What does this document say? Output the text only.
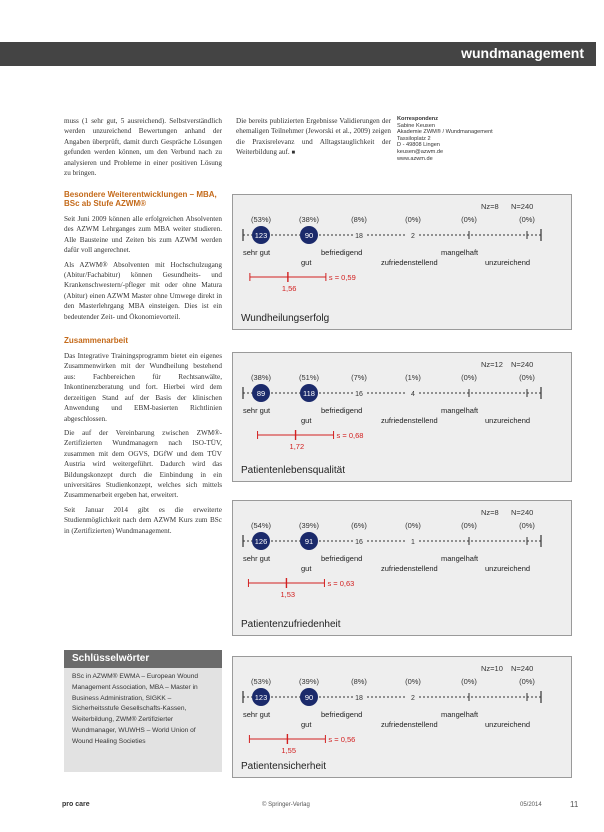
wundmanagement
muss (1 sehr gut, 5 ausreichend). Selbstverständlich werden unzureichend Bewertungen anhand der Angaben überprüft, damit durch Gespräche Lösungen gefunden werden können, um den Verbund nach zu analysieren und Probleme in einer positiven Lösung zu bringen.
Die bereits publizierten Ergebnisse Validierungen der ehemaligen Teilnehmer (Jeworski et al., 2009) zeigen die Praxisrelevanz und Alltagstauglichkeit der Weiterbildung auf. ■
Korrespondenz
Sabine Keusen
Akademie ZWM® / Wundmanagement
Tassiloplatz 2
D - 49808 Lingen
keusen@azwm.de
www.azwm.de
Besondere Weiterentwicklungen – MBA, BSc ab Stufe AZWM®
Seit Juni 2009 können alle erfolgreichen Absolventen des AZWM Lehrganges zum MBA weiter studieren. Alle Bausteine und Zeiten bis zum AZWM werden dafür voll angerechnet.
Als AZWM® Absolventen mit Hochschulzugang (Abitur/Fachabitur) können Gesundheits- und Krankenschwestern/-pfleger mit oder ohne Matura (Abitur) einen AZWM Master ohne Umwege direkt in den Masterlehrgang MBA einsteigen. Dies ist ein bedeutender Zeit- und Ökonomievorteil.
Zusammenarbeit
Das Integrative Trainingsprogramm bietet ein eigenes Zusammenwirken mit der Wundheilung bestehend aus: Fachbereichen für Rechtsanwälte, Inkontinenzberatung und fort. Hierbei wird dem derzeitigen Stand auf der Basis der klinischen Anwendung und EBM-basierten Richtlinien abgeschlossen.
Die auf der Vereinbarung zwischen ZWM®-Zertifizierten Wundmanagern nach ISO-TÜV, zusammen mit dem OGVS, DGfW und dem TÜV Austria wird weitergeführt. Dadurch wird das Bildungskonzept durch die Einbindung in ein universitäres Studienkonzept, welches sich mittels Zusammenarbeit ergeben hat, erweitert.
Seit Januar 2014 gibt es die erweiterte Studienmöglichkeit nach dem AZWM Kurs zum BSc in (Zertifizierten) Wundmanagement.
Schlüsselwörter
BSc in AZWM® EWMA – European Wound Management Association, MBA – Master in Business Administration, SIGKK – Sicherheitsstufe Gesellschafts-Kassen, Weiterbildung, ZWM® Zertifizierter Wundmanager, WUWHS – World Union of Wound Healing Societies
Nz=8 N=240
(53%)	(38%)	(8%)	(0%)	(0%)	(0%)
123	90	18	2
sehr gut	befriedigend	mangelhaft
gut	zufriedenstellend	unzureichend
s = 0,59
1,56
Wundheilungserfolg
Nz=12 N=240
(38%)	(51%)	(7%)	(1%)	(0%)	(0%)
89	118	16	4
sehr gut	befriedigend	mangelhaft
gut	zufriedenstellend	unzureichend
s = 0,68
1,72
Patientenlebensqualität
Nz=8 N=240
(54%)	(39%)	(6%)	(0%)	(0%)	(0%)
126	91	16	1
sehr gut	befriedigend	mangelhaft
gut	zufriedenstellend	unzureichend
s = 0,63
1,53
Patientenzufriedenheit
Nz=10 N=240
(53%)	(39%)	(8%)	(0%)	(0%)	(0%)
123	90	18	2
sehr gut	befriedigend	mangelhaft
gut	zufriedenstellend	unzureichend
s = 0,56
1,55
Patientensicherheit
pro care	© Springer-Verlag	05/2014	11
